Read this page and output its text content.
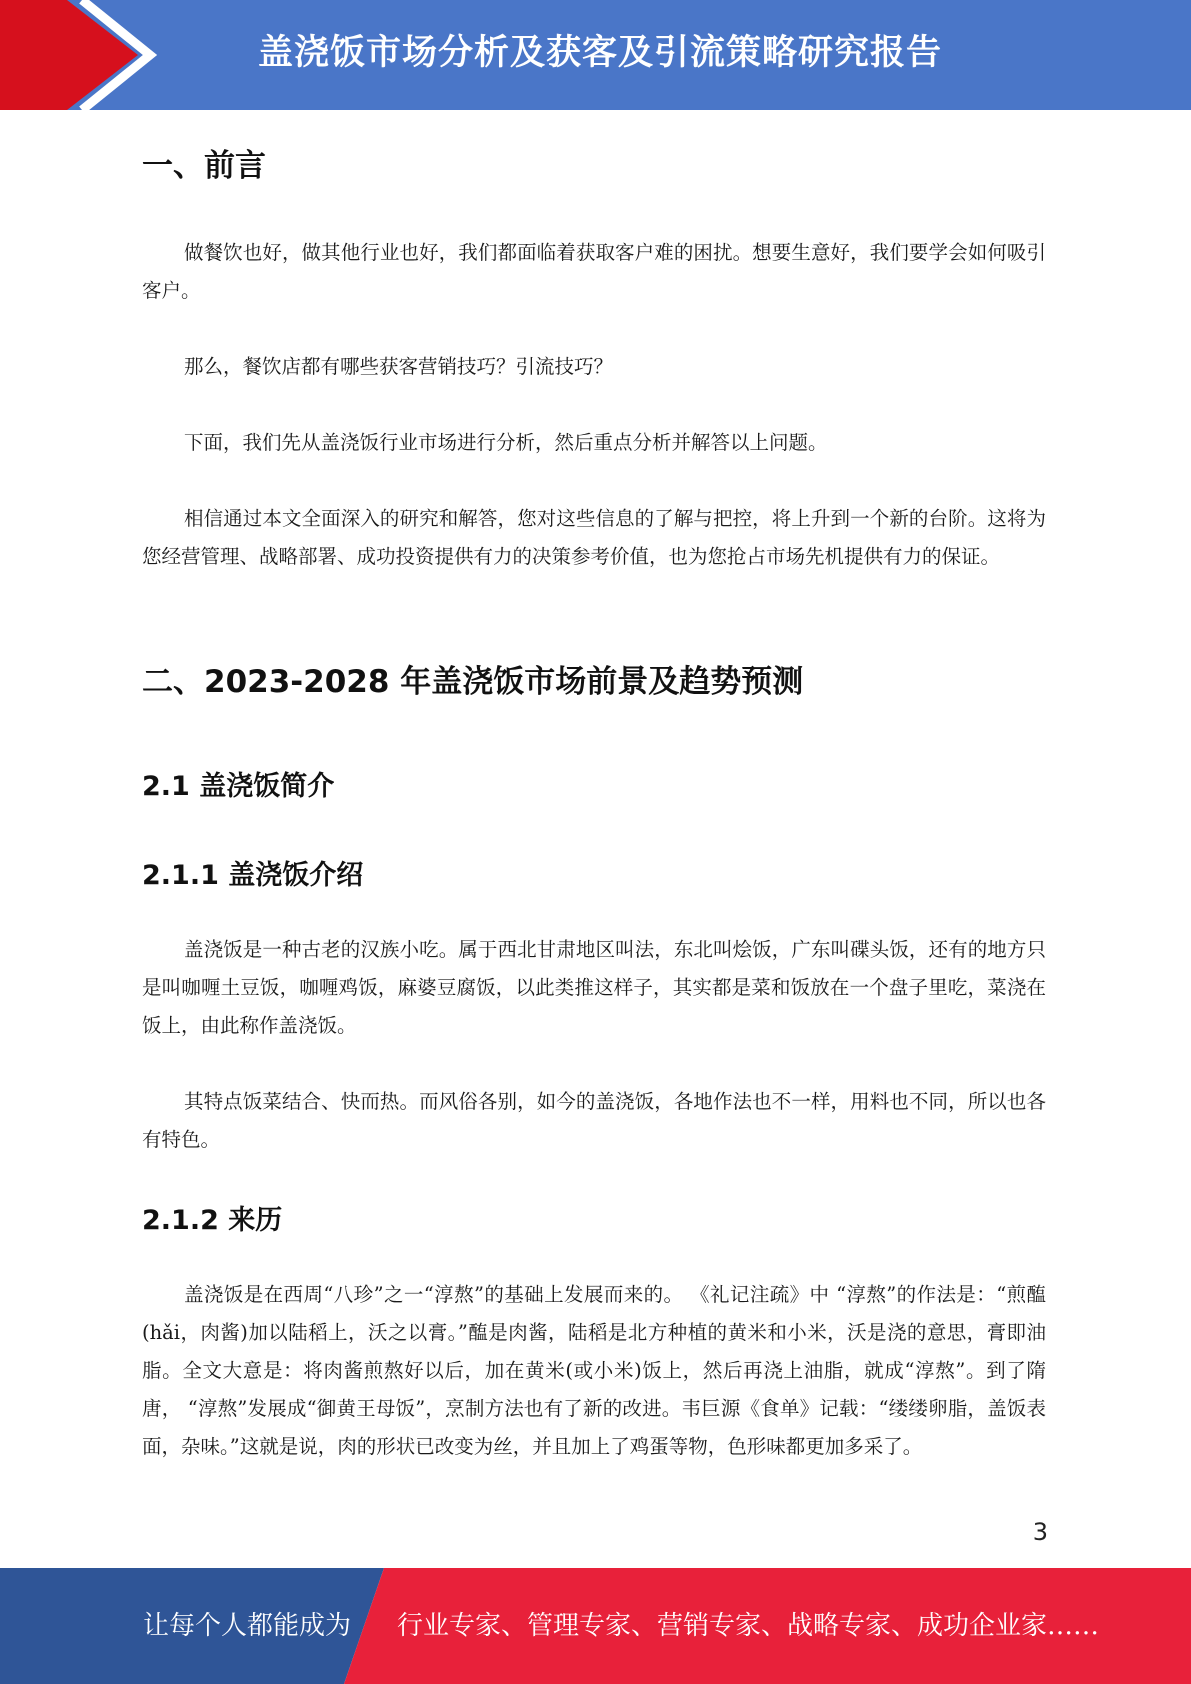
盖浇饭市场分析及获客及引流策略研究报告
一、前言

做餐饮也好，做其他行业也好，我们都面临着获取客户难的困扰。想要生意好，我们要学会如何吸引客户。

那么，餐饮店都有哪些获客营销技巧？引流技巧？

下面，我们先从盖浇饭行业市场进行分析，然后重点分析并解答以上问题。

相信通过本文全面深入的研究和解答，您对这些信息的了解与把控，将上升到一个新的台阶。这将为您经营管理、战略部署、成功投资提供有力的决策参考价值，也为您抢占市场先机提供有力的保证。

二、2023-2028 年盖浇饭市场前景及趋势预测
2.1 盖浇饭简介
2.1.1 盖浇饭介绍

盖浇饭是一种古老的汉族小吃。属于西北甘肃地区叫法，东北叫烩饭，广东叫碟头饭，还有的地方只是叫咖喱土豆饭，咖喱鸡饭，麻婆豆腐饭，以此类推这样子，其实都是菜和饭放在一个盘子里吃，菜浇在饭上，由此称作盖浇饭。

其特点饭菜结合、快而热。而风俗各别，如今的盖浇饭，各地作法也不一样，用料也不同，所以也各有特色。

2.1.2 来历

盖浇饭是在西周“八珍”之一“淳熬”的基础上发展而来的。 《礼记注疏》中 “淳熬”的作法是：“煎醢(hǎi，肉酱)加以陆稻上，沃之以膏。”醢是肉酱，陆稻是北方种植的黄米和小米，沃是浇的意思，膏即油脂。全文大意是：将肉酱煎熬好以后，加在黄米(或小米)饭上，然后再浇上油脂，就成“淳熬”。到了隋唐， “淳熬”发展成“御黄王母饭”，烹制方法也有了新的改进。韦巨源《食单》记载：“缕缕卵脂，盖饭表面，杂味。”这就是说，肉的形状已改变为丝，并且加上了鸡蛋等物，色形味都更加多采了。

3
让每个人都能成为 行业专家、管理专家、营销专家、战略专家、成功企业家……
